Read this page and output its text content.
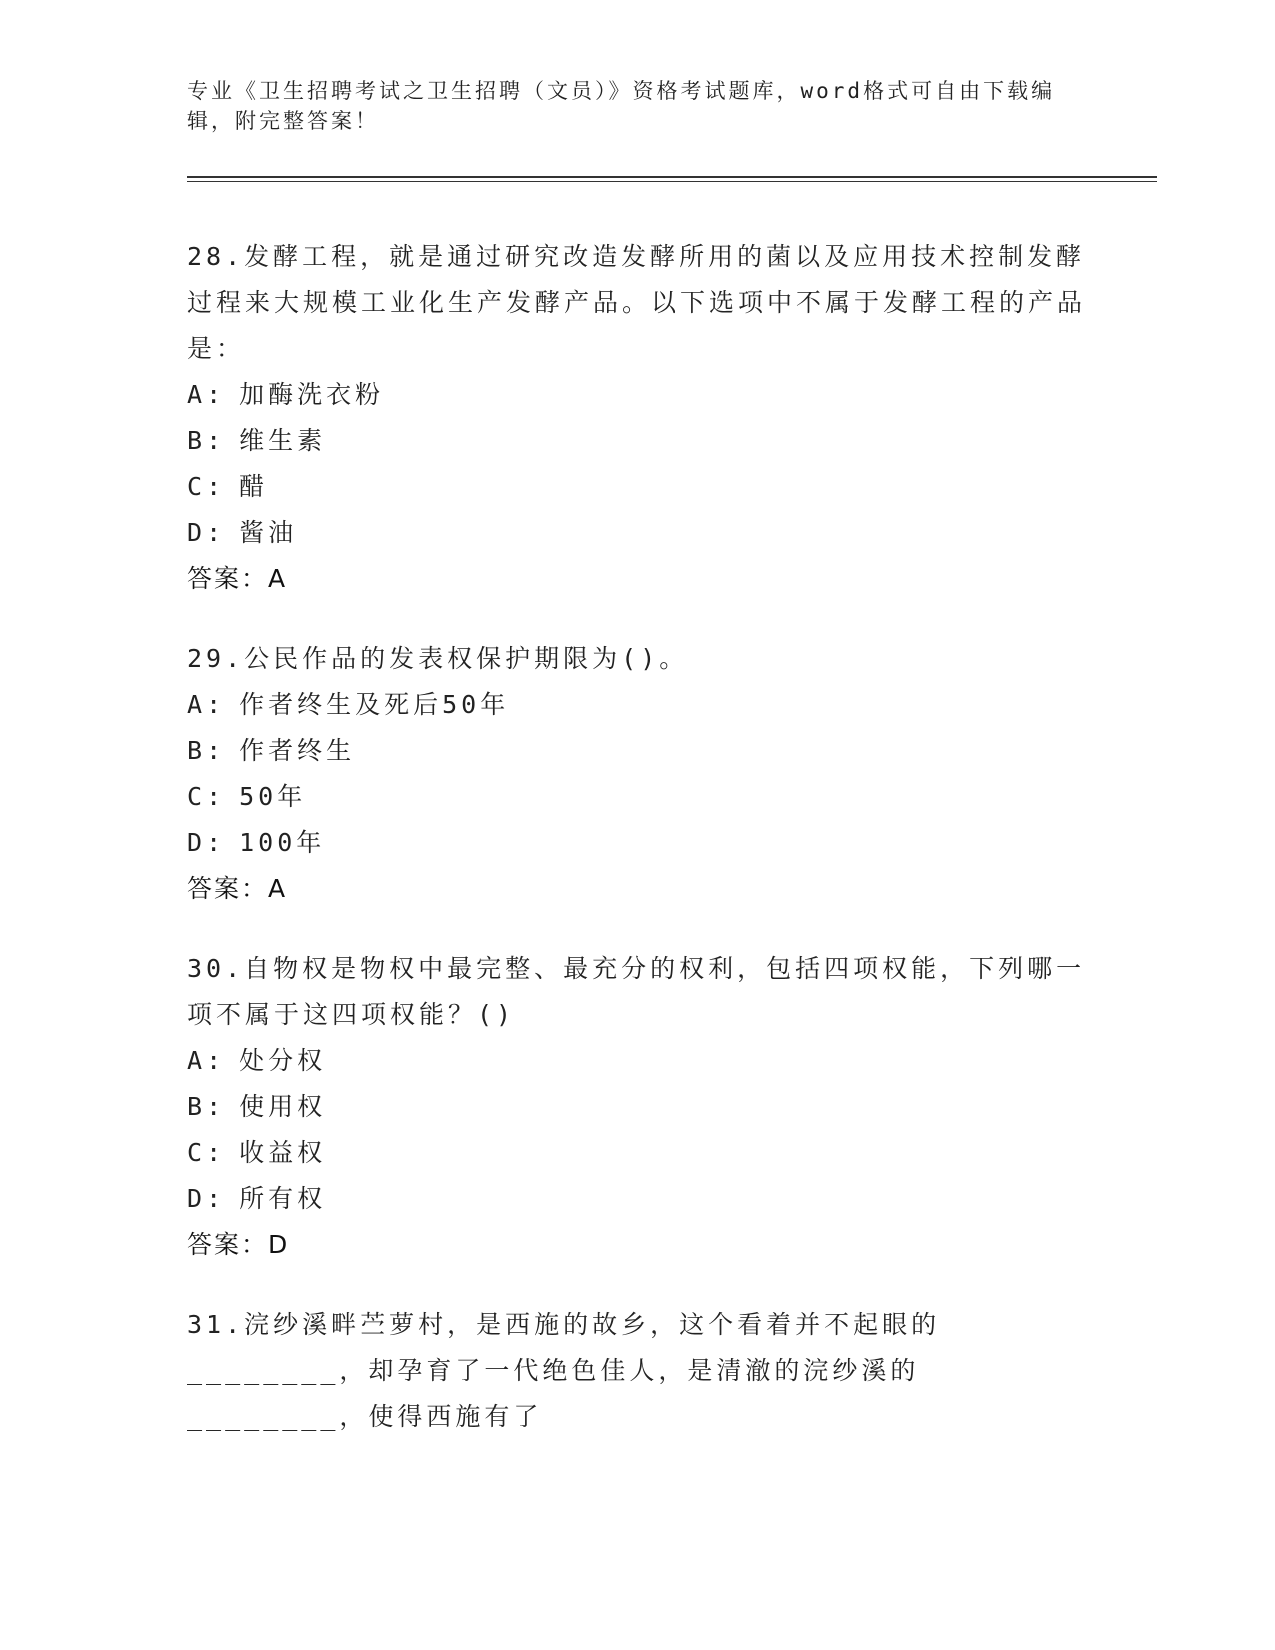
专业《卫生招聘考试之卫生招聘（文员）》资格考试题库，word格式可自由下载编辑，附完整答案！
28.发酵工程，就是通过研究改造发酵所用的菌以及应用技术控制发酵过程来大规模工业化生产发酵产品。以下选项中不属于发酵工程的产品是：
A: 加酶洗衣粉
B: 维生素
C: 醋
D: 酱油
答案：A
29.公民作品的发表权保护期限为()。
A: 作者终生及死后50年
B: 作者终生
C: 50年
D: 100年
答案：A
30.自物权是物权中最完整、最充分的权利，包括四项权能，下列哪一项不属于这四项权能？()
A: 处分权
B: 使用权
C: 收益权
D: 所有权
答案：D
31.浣纱溪畔苎萝村，是西施的故乡，这个看着并不起眼的________，却孕育了一代绝色佳人，是清澈的浣纱溪的________，使得西施有了
